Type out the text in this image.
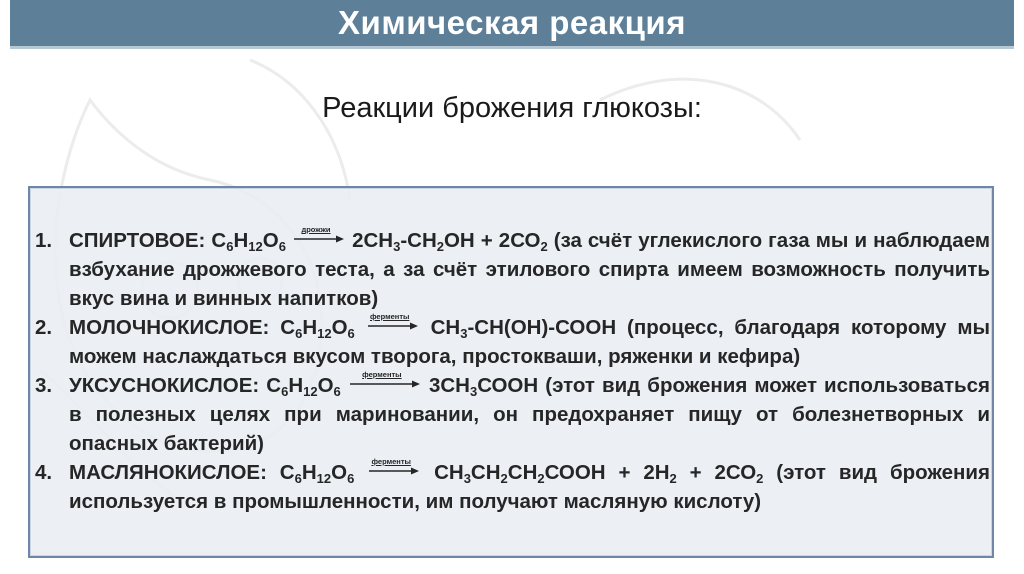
Химическая реакция
Реакции брожения глюкозы:
1. СПИРТОВОЕ: $С_6Н_{12}О_6$
дрожжи	$2СН_3-СН_2ОН + 2СО_2$ (за счёт углекислого газа мы и наблюдаем взбухание дрожжевого теста, а за счёт этилового спирта имеем возможность получить вкус вина и винных напитков)
2. МОЛОЧНОКИСЛОЕ: $С_6Н_{12}О_6$
ферменты $СН_3-СН(ОН)$-СООН (процесс, благодаря которому мы можем наслаждаться вкусом творога, простокваши, ряженки и кефира)
3. УКСУСНОКИСЛОЕ: $С_6Н_{12}О_6$
ферменты	$3СН_3СООН$ (этот вид брожения может использоваться в полезных целях при мариновании, он предохраняет пищу от болезнетворных и опасных бактерий)
4. МАСЛЯНОКИСЛОЕ: $С_6Н_{12}О_6$
ферменты $СН_3СН_2СН_2СООН + 2Н_2 + 2СО_2$ (этот вид брожения используется в промышленности, им получают масляную кислоту)
